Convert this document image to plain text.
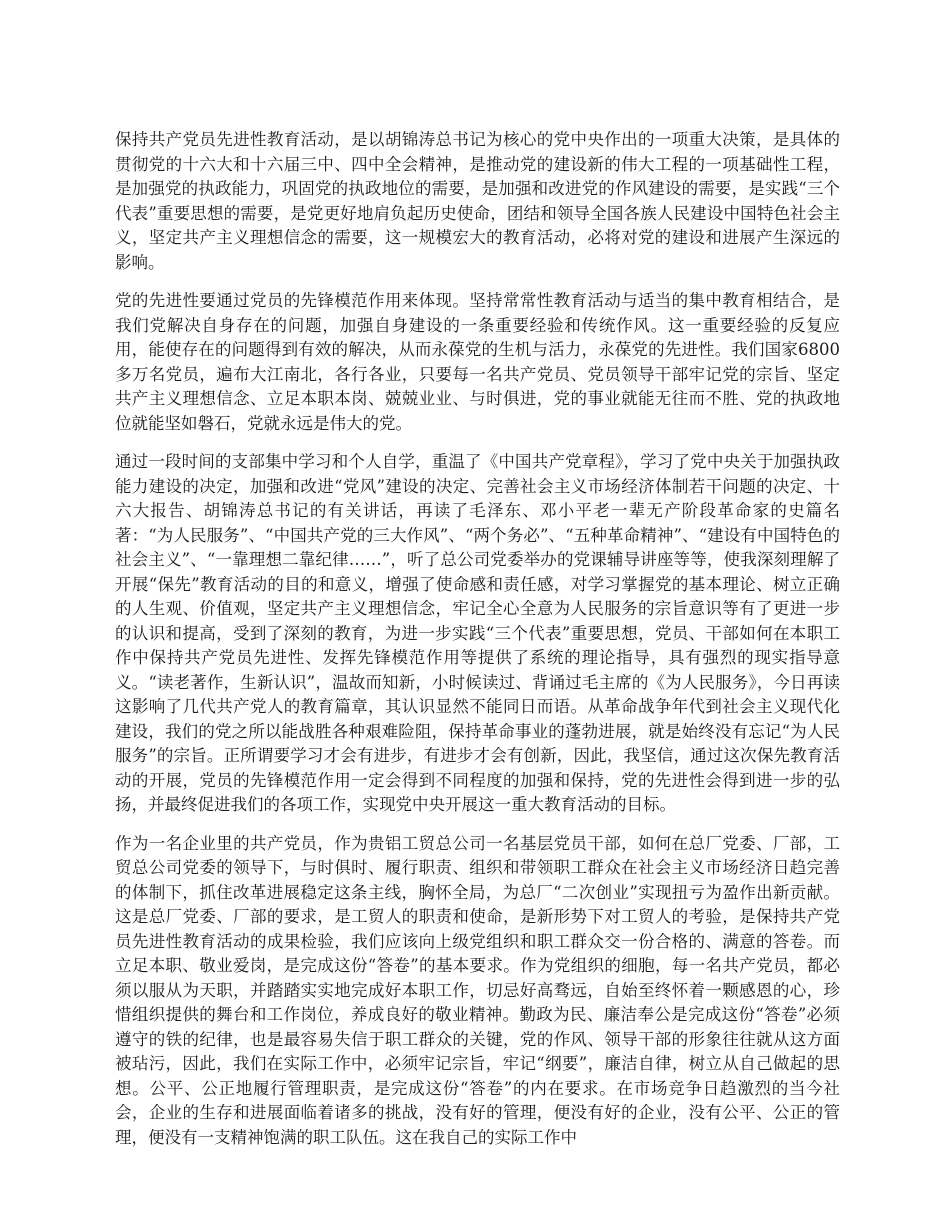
保持共产党员先进性教育活动，是以胡锦涛总书记为核心的党中央作出的一项重大决策，是具体的贯彻党的十六大和十六届三中、四中全会精神，是推动党的建设新的伟大工程的一项基础性工程，是加强党的执政能力，巩固党的执政地位的需要，是加强和改进党的作风建设的需要，是实践“三个代表”重要思想的需要，是党更好地肩负起历史使命，团结和领导全国各族人民建设中国特色社会主义，坚定共产主义理想信念的需要，这一规模宏大的教育活动，必将对党的建设和进展产生深远的影响。

党的先进性要通过党员的先锋模范作用来体现。坚持常常性教育活动与适当的集中教育相结合，是我们党解决自身存在的问题，加强自身建设的一条重要经验和传统作风。这一重要经验的反复应用，能使存在的问题得到有效的解决，从而永葆党的生机与活力，永葆党的先进性。我们国家6800多万名党员，遍布大江南北，各行各业，只要每一名共产党员、党员领导干部牢记党的宗旨、坚定共产主义理想信念、立足本职本岗、兢兢业业、与时俱进，党的事业就能无往而不胜、党的执政地位就能坚如磐石，党就永远是伟大的党。

通过一段时间的支部集中学习和个人自学，重温了《中国共产党章程》，学习了党中央关于加强执政能力建设的决定，加强和改进“党风”建设的决定、完善社会主义市场经济体制若干问题的决定、十六大报告、胡锦涛总书记的有关讲话，再读了毛泽东、邓小平老一辈无产阶段革命家的史篇名著：“为人民服务”、“中国共产党的三大作风”、“两个务必”、“五种革命精神”、“建设有中国特色的社会主义”、“一靠理想二靠纪律……”，听了总公司党委举办的党课辅导讲座等等，使我深刻理解了开展“保先”教育活动的目的和意义，增强了使命感和责任感，对学习掌握党的基本理论、树立正确的人生观、价值观，坚定共产主义理想信念，牢记全心全意为人民服务的宗旨意识等有了更进一步的认识和提高，受到了深刻的教育，为进一步实践“三个代表”重要思想，党员、干部如何在本职工作中保持共产党员先进性、发挥先锋模范作用等提供了系统的理论指导，具有强烈的现实指导意义。“读老著作，生新认识”，温故而知新，小时候读过、背诵过毛主席的《为人民服务》，今日再读这影响了几代共产党人的教育篇章，其认识显然不能同日而语。从革命战争年代到社会主义现代化建设，我们的党之所以能战胜各种艰难险阻，保持革命事业的蓬勃进展，就是始终没有忘记“为人民服务”的宗旨。正所谓要学习才会有进步，有进步才会有创新，因此，我坚信，通过这次保先教育活动的开展，党员的先锋模范作用一定会得到不同程度的加强和保持，党的先进性会得到进一步的弘扬，并最终促进我们的各项工作，实现党中央开展这一重大教育活动的目标。

作为一名企业里的共产党员，作为贵铝工贸总公司一名基层党员干部，如何在总厂党委、厂部，工贸总公司党委的领导下，与时俱时、履行职责、组织和带领职工群众在社会主义市场经济日趋完善的体制下，抓住改革进展稳定这条主线，胸怀全局，为总厂“二次创业”实现扭亏为盈作出新贡献。这是总厂党委、厂部的要求，是工贸人的职责和使命，是新形势下对工贸人的考验，是保持共产党员先进性教育活动的成果检验，我们应该向上级党组织和职工群众交一份合格的、满意的答卷。而立足本职、敬业爱岗，是完成这份“答卷”的基本要求。作为党组织的细胞，每一名共产党员，都必须以服从为天职，并踏踏实实地完成好本职工作，切忌好高骛远，自始至终怀着一颗感恩的心，珍惜组织提供的舞台和工作岗位，养成良好的敬业精神。勤政为民、廉洁奉公是完成这份“答卷”必须遵守的铁的纪律，也是最容易失信于职工群众的关键，党的作风、领导干部的形象往往就从这方面被玷污，因此，我们在实际工作中，必须牢记宗旨，牢记“纲要”，廉洁自律，树立从自己做起的思想。公平、公正地履行管理职责，是完成这份“答卷”的内在要求。在市场竞争日趋激烈的当今社会，企业的生存和进展面临着诸多的挑战，没有好的管理，便没有好的企业，没有公平、公正的管理，便没有一支精神饱满的职工队伍。这在我自己的实际工作中
